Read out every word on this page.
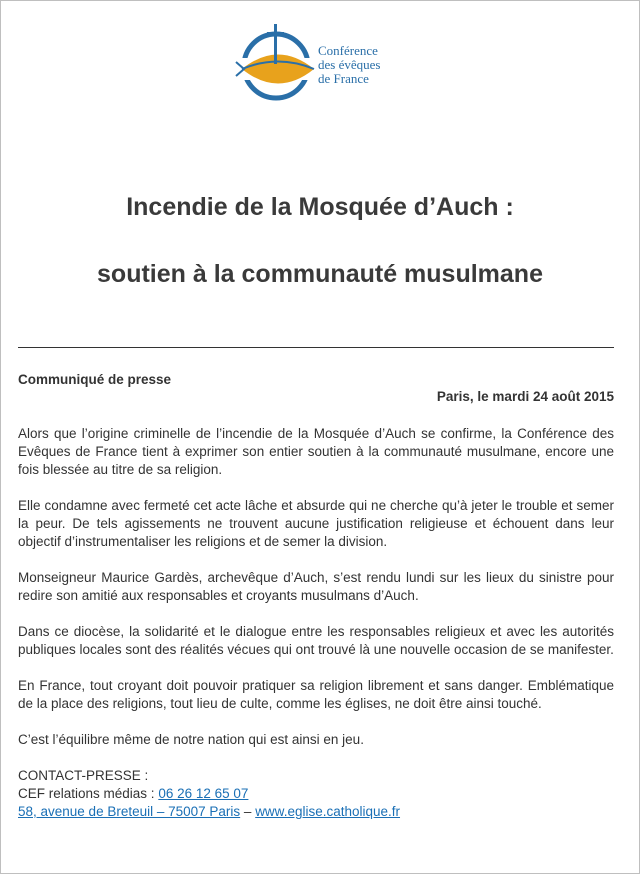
Conférence
des évêques
de France
Incendie de la Mosquée d’Auch :
soutien à la communauté musulmane
Communiqué de presse
Paris, le mardi 24 août 2015

Alors que l’origine criminelle de l’incendie de la Mosquée d’Auch se confirme, la Conférence des Evêques de France tient à exprimer son entier soutien à la communauté musulmane, encore une fois blessée au titre de sa religion.

Elle condamne avec fermeté cet acte lâche et absurde qui ne cherche qu’à jeter le trouble et semer la peur. De tels agissements ne trouvent aucune justification religieuse et échouent dans leur objectif d’instrumentaliser les religions et de semer la division.

Monseigneur Maurice Gardès, archevêque d’Auch, s’est rendu lundi sur les lieux du sinistre pour redire son amitié aux responsables et croyants musulmans d’Auch.

Dans ce diocèse, la solidarité et le dialogue entre les responsables religieux et avec les autorités publiques locales sont des réalités vécues qui ont trouvé là une nouvelle occasion de se manifester.

En France, tout croyant doit pouvoir pratiquer sa religion librement et sans danger. Emblématique de la place des religions, tout lieu de culte, comme les églises, ne doit être ainsi touché.

C’est l’équilibre même de notre nation qui est ainsi en jeu.

CONTACT-PRESSE :
CEF relations médias : 06 26 12 65 07
58, avenue de Breteuil – 75007 Paris – www.eglise.catholique.fr
